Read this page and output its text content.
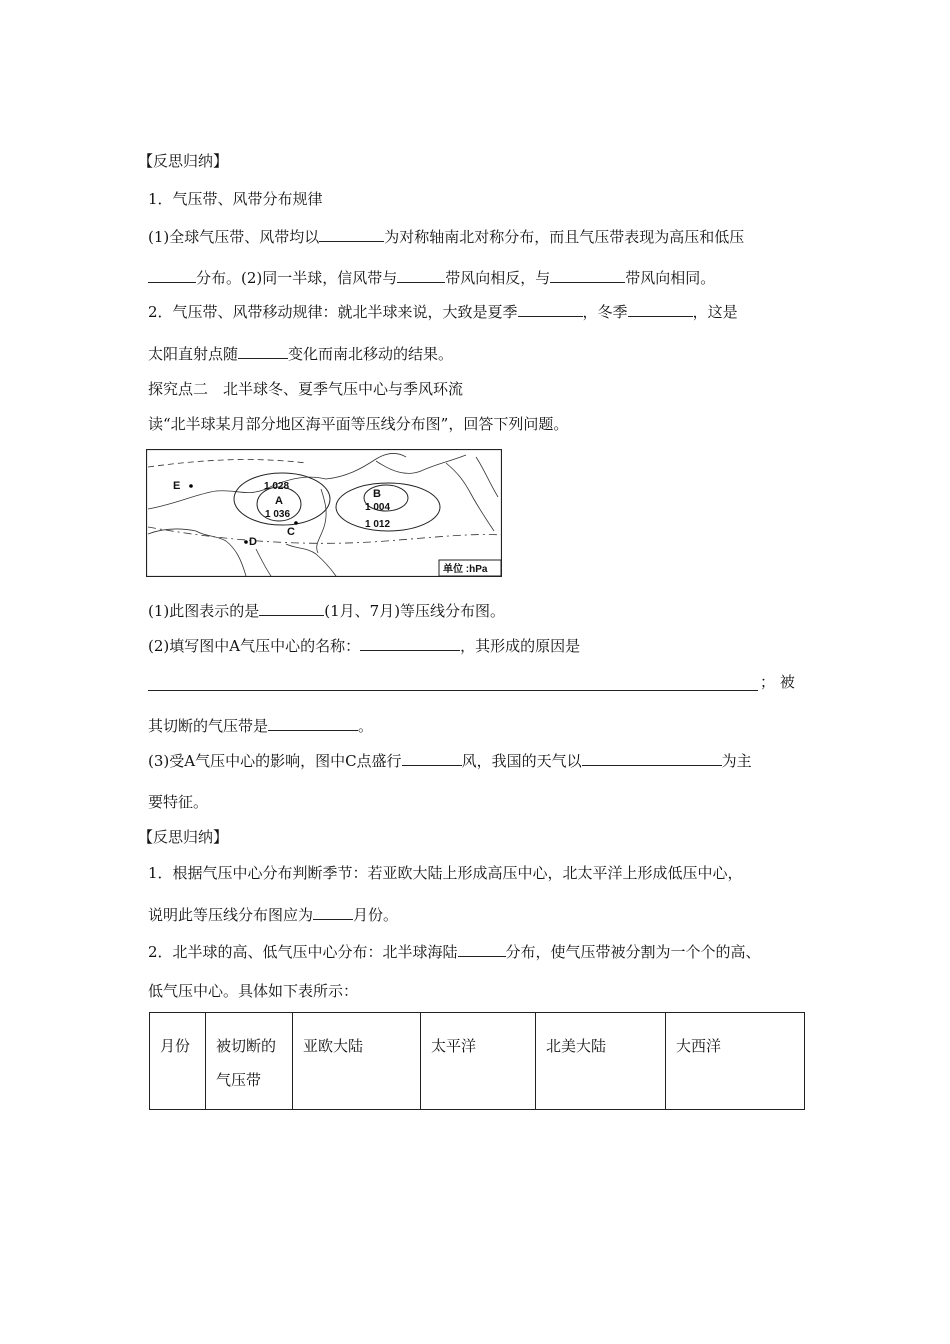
【反思归纳】
1．气压带、风带分布规律
(1)全球气压带、风带均以	为对称轴南北对称分布，而且气压带表现为高压和低压
分布。(2)同一半球，信风带与	带风向相反，与	带风向相同。
2．气压带、风带移动规律：就北半球来说，大致是夏季	，冬季	，这是
太阳直射点随	变化而南北移动的结果。
探究点二　北半球冬、夏季气压中心与季风环流
读“北半球某月部分地区海平面等压线分布图”，回答下列问题。
1 028
A
1 036
B
1 004
1 012
C
D
E
单位 :hPa
(1)此图表示的是	(1月、7月)等压线分布图。
(2)填写图中A气压中心的名称：	，其形成的原因是
； 被
其切断的气压带是	。
(3)受A气压中心的影响，图中C点盛行	风，我国的天气以	为主
要特征。
【反思归纳】
1．根据气压中心分布判断季节：若亚欧大陆上形成高压中心，北太平洋上形成低压中心，
说明此等压线分布图应为	月份。
2．北半球的高、低气压中心分布：北半球海陆	分布，使气压带被分割为一个个的高、
低气压中心。具体如下表所示：
月份	被切断的气压带	亚欧大陆	太平洋	北美大陆	大西洋
